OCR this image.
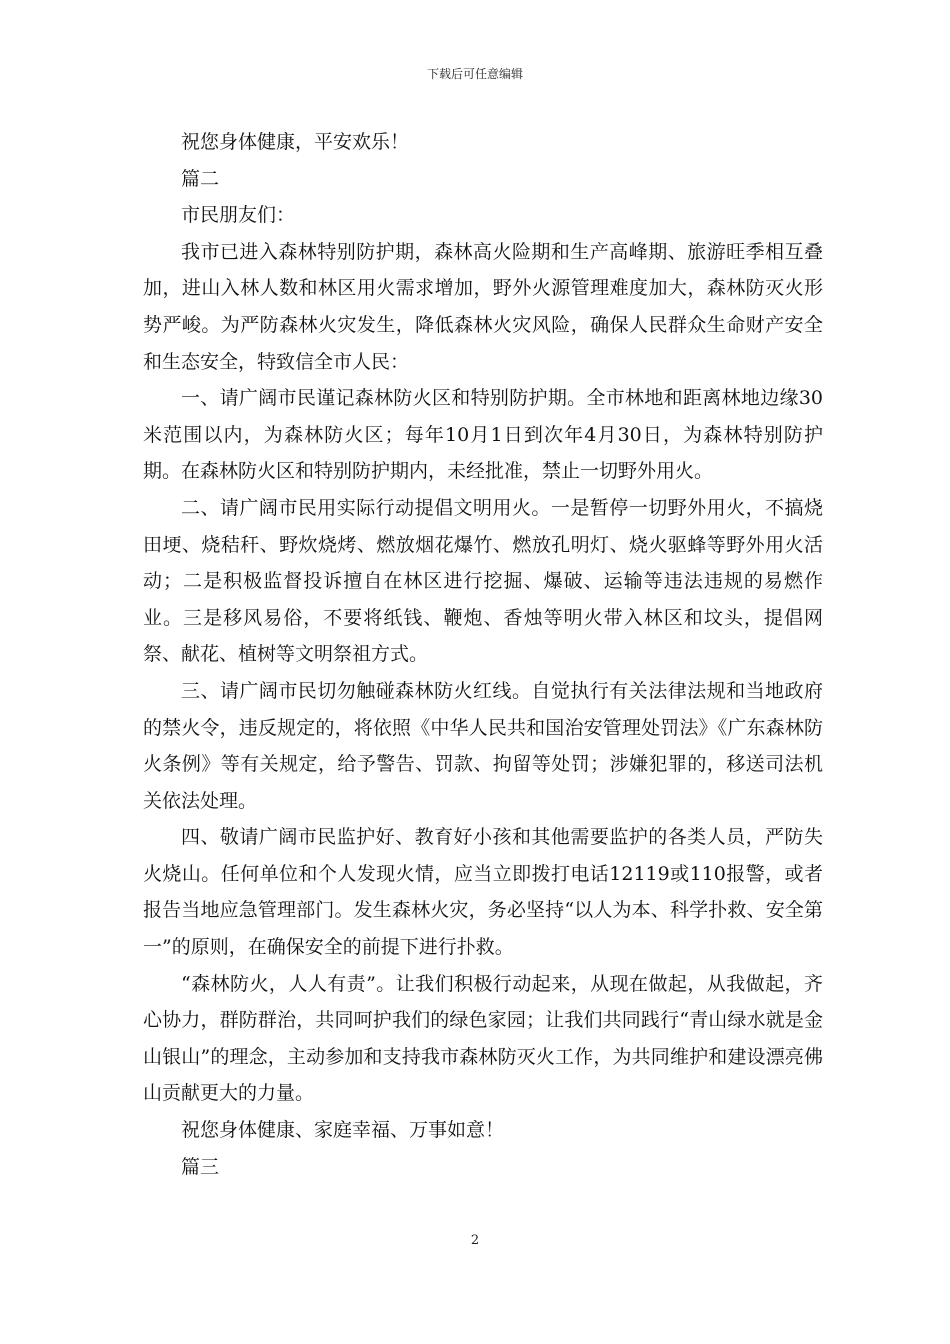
下载后可任意编辑

祝您身体健康，平安欢乐！

篇二

市民朋友们：

我市已进入森林特别防护期，森林高火险期和生产高峰期、旅游旺季相互叠加，进山入林人数和林区用火需求增加，野外火源管理难度加大，森林防灭火形势严峻。为严防森林火灾发生，降低森林火灾风险，确保人民群众生命财产安全和生态安全，特致信全市人民：

一、请广阔市民谨记森林防火区和特别防护期。全市林地和距离林地边缘30米范围以内，为森林防火区；每年10月1日到次年4月30日，为森林特别防护期。在森林防火区和特别防护期内，未经批准，禁止一切野外用火。

二、请广阔市民用实际行动提倡文明用火。一是暂停一切野外用火，不搞烧田埂、烧秸秆、野炊烧烤、燃放烟花爆竹、燃放孔明灯、烧火驱蜂等野外用火活动；二是积极监督投诉擅自在林区进行挖掘、爆破、运输等违法违规的易燃作业。三是移风易俗，不要将纸钱、鞭炮、香烛等明火带入林区和坟头，提倡网祭、献花、植树等文明祭祖方式。

三、请广阔市民切勿触碰森林防火红线。自觉执行有关法律法规和当地政府的禁火令，违反规定的，将依照《中华人民共和国治安管理处罚法》《广东森林防火条例》等有关规定，给予警告、罚款、拘留等处罚；涉嫌犯罪的，移送司法机关依法处理。

四、敬请广阔市民监护好、教育好小孩和其他需要监护的各类人员，严防失火烧山。任何单位和个人发现火情，应当立即拨打电话12119或110报警，或者报告当地应急管理部门。发生森林火灾，务必坚持“以人为本、科学扑救、安全第一”的原则，在确保安全的前提下进行扑救。

“森林防火，人人有责”。让我们积极行动起来，从现在做起，从我做起，齐心协力，群防群治，共同呵护我们的绿色家园；让我们共同践行“青山绿水就是金山银山”的理念，主动参加和支持我市森林防灭火工作，为共同维护和建设漂亮佛山贡献更大的力量。

祝您身体健康、家庭幸福、万事如意！

篇三

2
